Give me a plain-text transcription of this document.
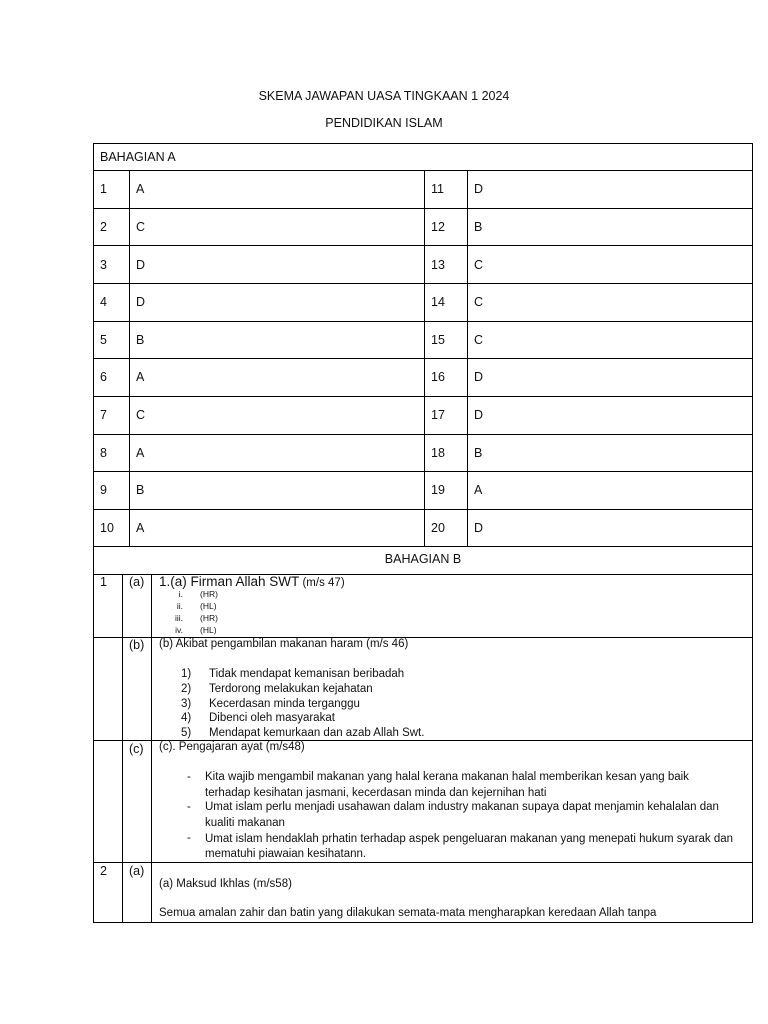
SKEMA JAWAPAN UASA TINGKAAN 1 2024
PENDIDIKAN ISLAM
BAHAGIAN A
1 A	11 D
2 C	12 B
3 D	13 C
4 D	14 C
5 B	15 C
6 A	16 D
7 C	17 D
8 A	18 B
9 B	19 A
10 A	20 D
BAHAGIAN B
1 (a) 1.(a) Firman Allah SWT (m/s 47)
i. (HR)
ii. (HL)
iii. (HR)
iv. (HL)
(b) (b) Akibat pengambilan makanan haram (m/s 46)
1)	Tidak mendapat kemanisan beribadah
2)	Terdorong melakukan kejahatan
3)	Kecerdasan minda terganggu
4)	Dibenci oleh masyarakat
5)	Mendapat kemurkaan dan azab Allah Swt.
(c) (c). Pengajaran ayat (m/s48)
- Kita wajib mengambil makanan yang halal kerana makanan halal memberikan kesan yang baik
terhadap kesihatan jasmani, kecerdasan minda dan kejernihan hati
- Umat islam perlu menjadi usahawan dalam industry makanan supaya dapat menjamin kehalalan dan
kualiti makanan
- Umat islam hendaklah prhatin terhadap aspek pengeluaran makanan yang menepati hukum syarak dan
mematuhi piawaian kesihatann.
2 (a)
(a) Maksud Ikhlas (m/s58)
Semua amalan zahir dan batin yang dilakukan semata-mata mengharapkan keredaan Allah tanpa
